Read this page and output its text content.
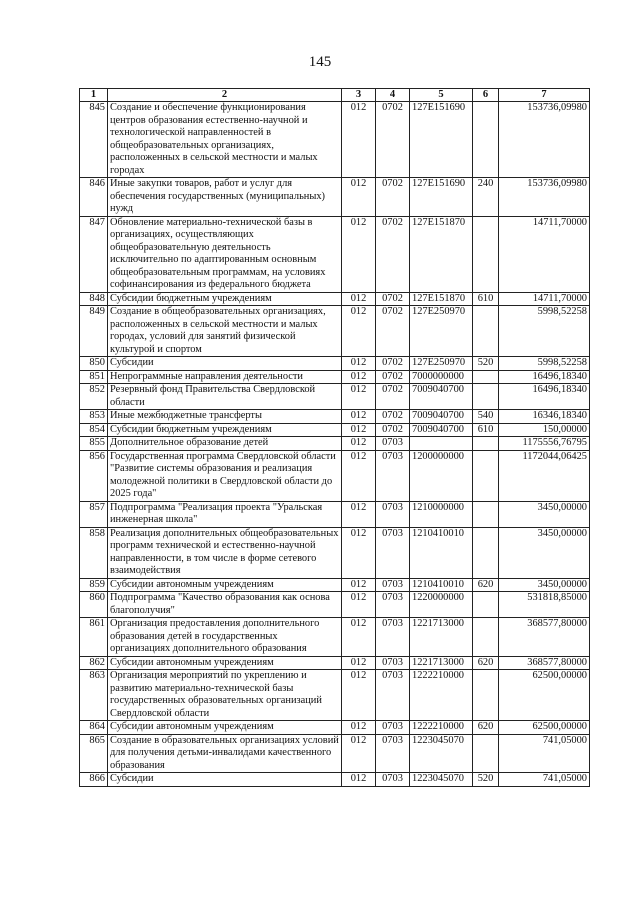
145
1	2	3	4	5	6	7
845	Создание и обеспечение функционирования центров образования естественно-научной и технологической направленностей в общеобразовательных организациях, расположенных в сельской местности и малых городах	012	0702	127E151690		153736,09980
846	Иные закупки товаров, работ и услуг для обеспечения государственных (муниципальных) нужд	012	0702	127E151690	240	153736,09980
847	Обновление материально-технической базы в организациях, осуществляющих общеобразовательную деятельность исключительно по адаптированным основным общеобразовательным программам, на условиях софинансирования из федерального бюджета	012	0702	127E151870		14711,70000
848	Субсидии бюджетным учреждениям	012	0702	127E151870	610	14711,70000
849	Создание в общеобразовательных организациях, расположенных в сельской местности и малых городах, условий для занятий физической культурой и спортом	012	0702	127E250970		5998,52258
850	Субсидии	012	0702	127E250970	520	5998,52258
851	Непрограммные направления деятельности	012	0702	7000000000		16496,18340
852	Резервный фонд Правительства Свердловской области	012	0702	7009040700		16496,18340
853	Иные межбюджетные трансферты	012	0702	7009040700	540	16346,18340
854	Субсидии бюджетным учреждениям	012	0702	7009040700	610	150,00000
855	Дополнительное образование детей	012	0703			1175556,76795
856	Государственная программа Свердловской области "Развитие системы образования и реализация молодежной политики в Свердловской области до 2025 года"	012	0703	1200000000		1172044,06425
857	Подпрограмма "Реализация проекта "Уральская инженерная школа"	012	0703	1210000000		3450,00000
858	Реализация дополнительных общеобразовательных программ технической и естественно-научной направленности, в том числе в форме сетевого взаимодействия	012	0703	1210410010		3450,00000
859	Субсидии автономным учреждениям	012	0703	1210410010	620	3450,00000
860	Подпрограмма "Качество образования как основа благополучия"	012	0703	1220000000		531818,85000
861	Организация предоставления дополнительного образования детей в государственных организациях дополнительного образования	012	0703	1221713000		368577,80000
862	Субсидии автономным учреждениям	012	0703	1221713000	620	368577,80000
863	Организация мероприятий по укреплению и развитию материально-технической базы государственных образовательных организаций Свердловской области	012	0703	1222210000		62500,00000
864	Субсидии автономным учреждениям	012	0703	1222210000	620	62500,00000
865	Создание в образовательных организациях условий для получения детьми-инвалидами качественного образования	012	0703	1223045070		741,05000
866	Субсидии	012	0703	1223045070	520	741,05000
